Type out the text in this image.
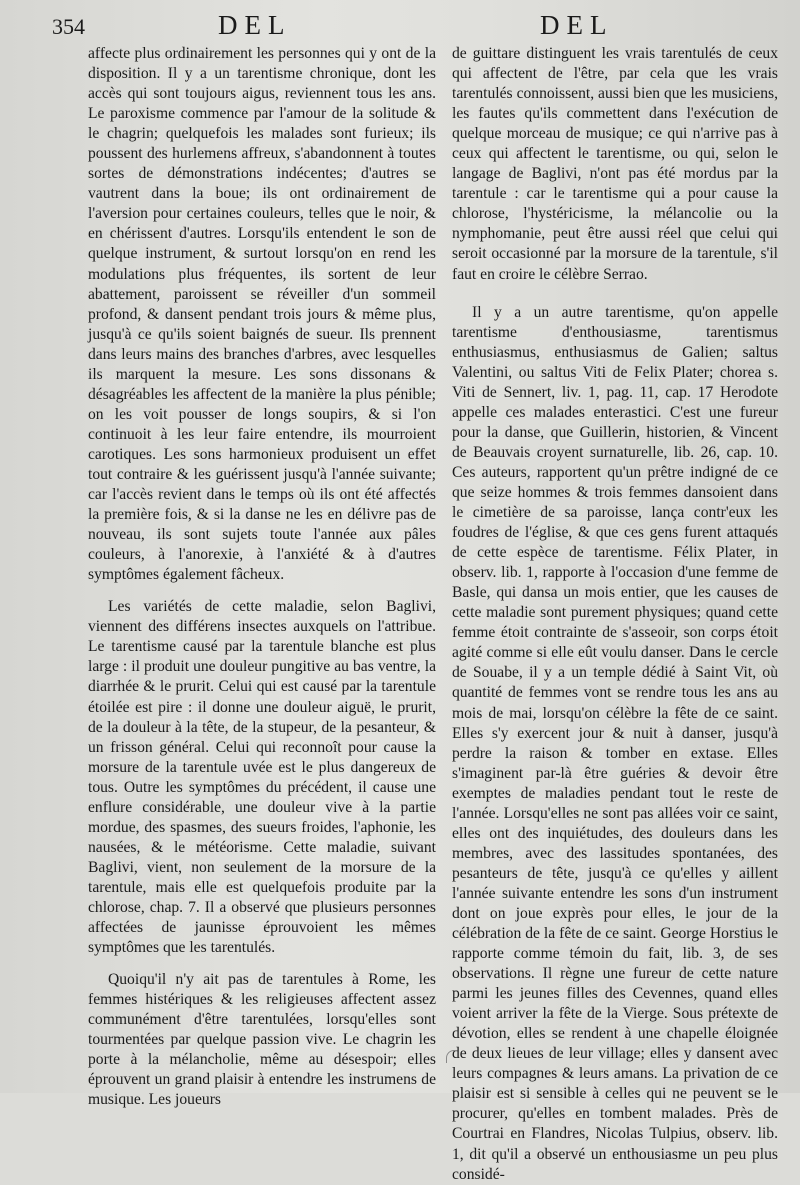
354	DEL	DEL

affecte plus ordinairement les personnes qui y ont de la disposition. Il y a un tarentisme chronique, dont les accès qui sont toujours aigus, reviennent tous les ans. Le paroxisme commence par l'amour de la solitude & le chagrin; quelquefois les malades sont furieux; ils poussent des hurlemens affreux, s'abandonnent à toutes sortes de démonstrations indécentes; d'autres se vautrent dans la boue; ils ont ordinairement de l'aversion pour certaines couleurs, telles que le noir, & en chérissent d'autres. Lorsqu'ils entendent le son de quelque instrument, & surtout lorsqu'on en rend les modulations plus fréquentes, ils sortent de leur abattement, paroissent se réveiller d'un sommeil profond, & dansent pendant trois jours & même plus, jusqu'à ce qu'ils soient baignés de sueur. Ils prennent dans leurs mains des branches d'arbres, avec lesquelles ils marquent la mesure. Les sons dissonans & désagréables les affectent de la manière la plus pénible; on les voit pousser de longs soupirs, & si l'on continuoit à les leur faire entendre, ils mourroient carotiques. Les sons harmonieux produisent un effet tout contraire & les guérissent jusqu'à l'année suivante; car l'accès revient dans le temps où ils ont été affectés la première fois, & si la danse ne les en délivre pas de nouveau, ils sont sujets toute l'année aux pâles couleurs, à l'anorexie, à l'anxiété & à d'autres symptômes également fâcheux.

Les variétés de cette maladie, selon Baglivi, viennent des différens insectes auxquels on l'attribue. Le tarentisme causé par la tarentule blanche est plus large : il produit une douleur pungitive au bas ventre, la diarrhée & le prurit. Celui qui est causé par la tarentule étoilée est pire : il donne une douleur aiguë, le prurit, de la douleur à la tête, de la stupeur, de la pesanteur, & un frisson général. Celui qui reconnoît pour cause la morsure de la tarentule uvée est le plus dangereux de tous. Outre les symptômes du précédent, il cause une enflure considérable, une douleur vive à la partie mordue, des spasmes, des sueurs froides, l'aphonie, les nausées, & le météorisme. Cette maladie, suivant Baglivi, vient, non seulement de la morsure de la tarentule, mais elle est quelquefois produite par la chlorose, chap. 7. Il a observé que plusieurs personnes affectées de jaunisse éprouvoient les mêmes symptômes que les tarentulés.

Quoiqu'il n'y ait pas de tarentules à Rome, les femmes histériques & les religieuses affectent assez communément d'être tarentulées, lorsqu'elles sont tourmentées par quelque passion vive. Le chagrin les porte à la mélancholie, même au désespoir; elles éprouvent un grand plaisir à entendre les instrumens de musique. Les joueurs

de guittare distinguent les vrais tarentulés de ceux qui affectent de l'être, par cela que les vrais tarentulés connoissent, aussi bien que les musiciens, les fautes qu'ils commettent dans l'exécution de quelque morceau de musique; ce qui n'arrive pas à ceux qui affectent le tarentisme, ou qui, selon le langage de Baglivi, n'ont pas été mordus par la tarentule : car le tarentisme qui a pour cause la chlorose, l'hystéricisme, la mélancolie ou la nymphomanie, peut être aussi réel que celui qui seroit occasionné par la morsure de la tarentule, s'il faut en croire le célèbre Serrao.

Il y a un autre tarentisme, qu'on appelle tarentisme d'enthousiasme, tarentismus enthusiasmus, enthusiasmus de Galien; saltus Valentini, ou saltus Viti de Felix Plater; chorea s. Viti de Sennert, liv. 1, pag. 11, cap. 17 Herodote appelle ces malades enterastici. C'est une fureur pour la danse, que Guillerin, historien, & Vincent de Beauvais croyent surnaturelle, lib. 26, cap. 10. Ces auteurs, rapportent qu'un prêtre indigné de ce que seize hommes & trois femmes dansoient dans le cimetière de sa paroisse, lança contr'eux les foudres de l'église, & que ces gens furent attaqués de cette espèce de tarentisme. Félix Plater, in observ. lib. 1, rapporte à l'occasion d'une femme de Basle, qui dansa un mois entier, que les causes de cette maladie sont purement physiques; quand cette femme étoit contrainte de s'asseoir, son corps étoit agité comme si elle eût voulu danser. Dans le cercle de Souabe, il y a un temple dédié à Saint Vit, où quantité de femmes vont se rendre tous les ans au mois de mai, lorsqu'on célèbre la fête de ce saint. Elles s'y exercent jour & nuit à danser, jusqu'à perdre la raison & tomber en extase. Elles s'imaginent par-là être guéries & devoir être exemptes de maladies pendant tout le reste de l'année. Lorsqu'elles ne sont pas allées voir ce saint, elles ont des inquiétudes, des douleurs dans les membres, avec des lassitudes spontanées, des pesanteurs de tête, jusqu'à ce qu'elles y aillent l'année suivante entendre les sons d'un instrument dont on joue exprès pour elles, le jour de la célébration de la fête de ce saint. George Horstius le rapporte comme témoin du fait, lib. 3, de ses observations. Il règne une fureur de cette nature parmi les jeunes filles des Cevennes, quand elles voient arriver la fête de la Vierge. Sous prétexte de dévotion, elles se rendent à une chapelle éloignée de deux lieues de leur village; elles y dansent avec leurs compagnes & leurs amans. La privation de ce plaisir est si sensible à celles qui ne peuvent se le procurer, qu'elles en tombent malades. Près de Courtrai en Flandres, Nicolas Tulpius, observ. lib. 1, dit qu'il a observé un enthousiasme un peu plus considé-
